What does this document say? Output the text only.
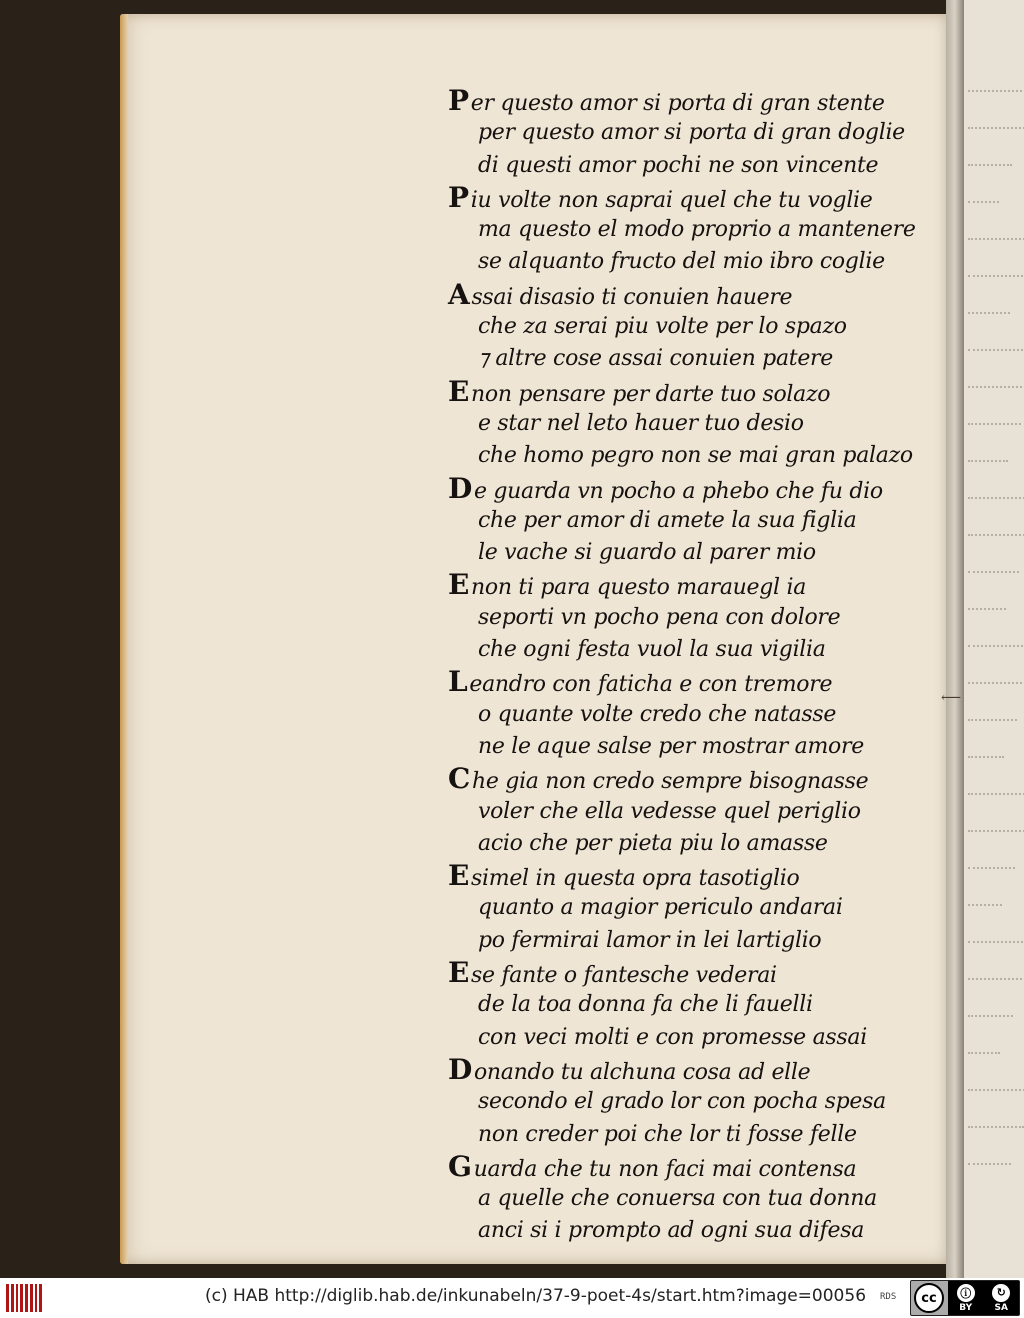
Per questo amor si porta di gran stente
per questo amor si porta di gran doglie
di questi amor pochi ne son vincente
Piu volte non saprai quel che tu voglie
ma questo el modo proprio a mantenere
se alquanto fructo del mio ibro coglie
Assai disasio ti conuien hauere
che za serai piu volte per lo spazo
⁊ altre cose assai conuien patere
Enon pensare per darte tuo solazo
e star nel leto hauer tuo desio
che homo pegro non se mai gran palazo
De guarda vn pocho a phebo che fu dio
che per amor di amete la sua figlia
le vache si guardo al parer mio
Enon ti para questo marauegl ia
seporti vn pocho pena con dolore
che ogni festa vuol la sua vigilia
Leandro con faticha e con tremore
o quante volte credo che natasse
ne le aque salse per mostrar amore
Che gia non credo sempre bisognasse
voler che ella vedesse quel periglio
acio che per pieta piu lo amasse
Esimel in questa opra tasotiglio
quanto a magior periculo andarai
po fermirai lamor in lei lartiglio
Ese fante o fantesche vederai
de la toa donna fa che li fauelli
con veci molti e con promesse assai
Donando tu alchuna cosa ad elle
secondo el grado lor con pocha spesa
non creder poi che lor ti fosse felle
Guarda che tu non faci mai contensa
a quelle che conuersa con tua donna
anci si i prompto ad ogni sua difesa
⟵
(c) HAB http://diglib.hab.de/inkunabeln/37-9-poet-4s/start.htm?image=00056 RDS	cc	ⓘ
BY
↻
SA
